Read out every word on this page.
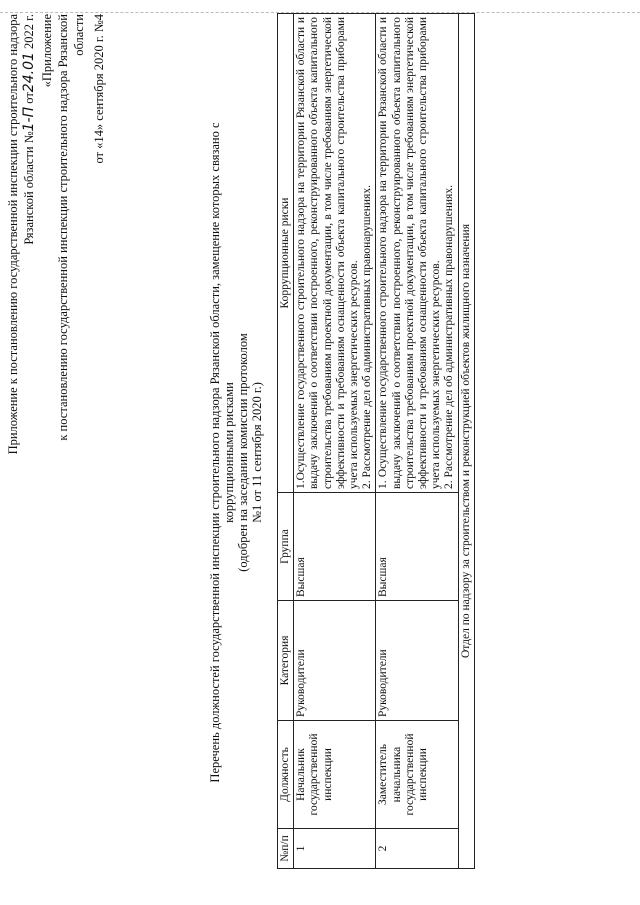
Приложение к постановлению государственной инспекции строительного надзора Рязанской области №1-П от24.01 2022 г. «Приложение к постановлению государственной инспекции строительного надзора Рязанской области от «14» сентября 2020 г. №4
Перечень должностей государственной инспекции строительного надзора Рязанской области, замещение которых связано с коррупционными рисками (одобрен на заседании комиссии протоколом №1 от 11 сентября 2020 г.)
№п/п	Должность	Категория	Группа	Коррупционные риски
1	Начальник государственной инспекции	Руководители	Высшая	1.Осуществление государственного строительного надзора на территории Рязанской области и выдачу заключений о соответствии построенного, реконструированного объекта капитального строительства требованиям проектной документации, в том числе требованиям энергетической эффективности и требованиям оснащенности объекта капитального строительства приборами учета используемых энергетических ресурсов. 2. Рассмотрение дел об административных правонарушениях.

2	Заместитель начальника государственной инспекции	Руководители	Высшая	1. Осуществление государственного строительного надзора на территории Рязанской области и выдачу заключений о соответствии построенного, реконструированного объекта капитального строительства требованиям проектной документации, в том числе требованиям энергетической эффективности и требованиям оснащенности объекта капитального строительства приборами учета используемых энергетических ресурсов. 2. Рассмотрение дел об административных правонарушениях.

Отдел по надзору за строительством и реконструкцией объектов жилищного назначения				
